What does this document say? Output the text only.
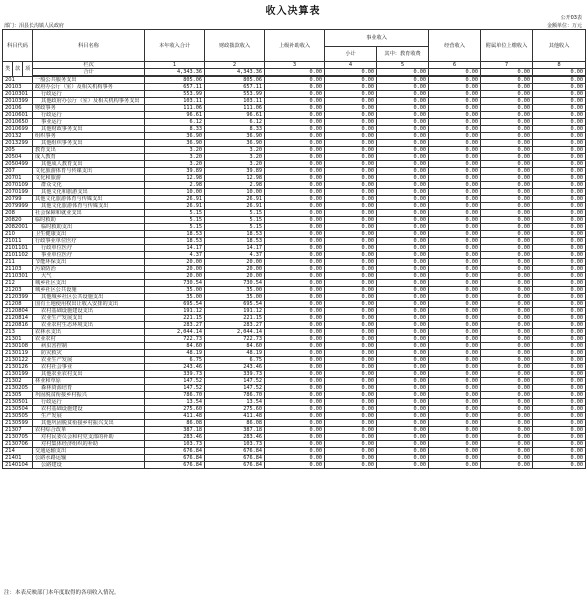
收入决算表
公开03表
部门：泪县长沟镇人民政府	金额单位：万元
科目代码			科目名称	本年收入合计	财政拨款收入	上级补助收入	事业收入		经营收入	附属单位上缴收入	其他收入
							小计	其中：教育收费			
类	款	项	栏次	1	2	3	4	5	6	7	8
			合计	4,343.36	4,343.36	0.00	0.00	0.00	0.00	0.00	0.00

201			一般公共服务支出	805.06	805.06	0.00	0.00	0.00	0.00	0.00	0.00
20103			政府办公厅（室）及相关机构事务	657.11	657.11	0.00	0.00	0.00	0.00	0.00	0.00
2010301			行政运行	553.99	553.99	0.00	0.00	0.00	0.00	0.00	0.00
2010399			其他政府办公厅（室）及相关机构事务支出	103.11	103.11	0.00	0.00	0.00	0.00	0.00	0.00
20106			财政事务	111.06	111.06	0.00	0.00	0.00	0.00	0.00	0.00
2010601			行政运行	96.61	96.61	0.00	0.00	0.00	0.00	0.00	0.00
2010650			事业运行	6.12	6.12	0.00	0.00	0.00	0.00	0.00	0.00
2010699			其他财政事务支出	8.33	8.33	0.00	0.00	0.00	0.00	0.00	0.00
20132			组织事务	36.90	36.90	0.00	0.00	0.00	0.00	0.00	0.00
2013299			其他组织事务支出	36.90	36.90	0.00	0.00	0.00	0.00	0.00	0.00
205			教育支出	3.20	3.20	0.00	0.00	0.00	0.00	0.00	0.00
20504			成人教育	3.20	3.20	0.00	0.00	0.00	0.00	0.00	0.00
2050499			其他成人教育支出	3.20	3.20	0.00	0.00	0.00	0.00	0.00	0.00
207			文化旅游体育与传媒支出	39.89	39.89	0.00	0.00	0.00	0.00	0.00	0.00
20701			文化和旅游	12.98	12.98	0.00	0.00	0.00	0.00	0.00	0.00
2070109			群众文化	2.98	2.98	0.00	0.00	0.00	0.00	0.00	0.00
2070199			其他文化和旅游支出	10.00	10.00	0.00	0.00	0.00	0.00	0.00	0.00
20799			其他文化旅游体育与传媒支出	26.91	26.91	0.00	0.00	0.00	0.00	0.00	0.00
2079999			其他文化旅游体育与传媒支出	26.91	26.91	0.00	0.00	0.00	0.00	0.00	0.00
208			社会保障和就业支出	5.15	5.15	0.00	0.00	0.00	0.00	0.00	0.00
20820			临时救助	5.15	5.15	0.00	0.00	0.00	0.00	0.00	0.00
2082001			临时救助支出	5.15	5.15	0.00	0.00	0.00	0.00	0.00	0.00
210			卫生健康支出	18.53	18.53	0.00	0.00	0.00	0.00	0.00	0.00
21011			行政事业单位医疗	18.53	18.53	0.00	0.00	0.00	0.00	0.00	0.00
2101101			行政单位医疗	14.17	14.17	0.00	0.00	0.00	0.00	0.00	0.00
2101102			事业单位医疗	4.37	4.37	0.00	0.00	0.00	0.00	0.00	0.00
211			节能环保支出	20.00	20.00	0.00	0.00	0.00	0.00	0.00	0.00
21103			污染防治	20.00	20.00	0.00	0.00	0.00	0.00	0.00	0.00
2110301			大气	20.00	20.00	0.00	0.00	0.00	0.00	0.00	0.00
212			城乡社区支出	730.54	730.54	0.00	0.00	0.00	0.00	0.00	0.00
21203			城乡社区公共设施	35.00	35.00	0.00	0.00	0.00	0.00	0.00	0.00
2120399			其他城乡社区公共设施支出	35.00	35.00	0.00	0.00	0.00	0.00	0.00	0.00
21208			国有土地使用权出让收入安排的支出	695.54	695.54	0.00	0.00	0.00	0.00	0.00	0.00
2120804			农村基础设施建设支出	191.12	191.12	0.00	0.00	0.00	0.00	0.00	0.00
2120814			农业生产发展支出	221.15	221.15	0.00	0.00	0.00	0.00	0.00	0.00
2120816			农业农村生态环境支出	283.27	283.27	0.00	0.00	0.00	0.00	0.00	0.00
213			农林水支出	2,044.14	2,044.14	0.00	0.00	0.00	0.00	0.00	0.00
21301			农业农村	722.73	722.73	0.00	0.00	0.00	0.00	0.00	0.00
2130108			病虫害控制	84.60	84.60	0.00	0.00	0.00	0.00	0.00	0.00
2130119			防灾救灾	48.19	48.19	0.00	0.00	0.00	0.00	0.00	0.00
2130122			农业生产发展	6.75	6.75	0.00	0.00	0.00	0.00	0.00	0.00
2130126			农村社会事业	243.46	243.46	0.00	0.00	0.00	0.00	0.00	0.00
2130199			其他农业农村支出	339.73	339.73	0.00	0.00	0.00	0.00	0.00	0.00
21302			林业和草原	147.52	147.52	0.00	0.00	0.00	0.00	0.00	0.00
2130205			森林资源培育	147.52	147.52	0.00	0.00	0.00	0.00	0.00	0.00
21305			巩固脱贫衔接乡村振兴	786.70	786.70	0.00	0.00	0.00	0.00	0.00	0.00
2130501			行政运行	13.54	13.54	0.00	0.00	0.00	0.00	0.00	0.00
2130504			农村基础设施建设	275.60	275.60	0.00	0.00	0.00	0.00	0.00	0.00
2130505			生产发展	411.48	411.48	0.00	0.00	0.00	0.00	0.00	0.00
2130599			其他巩固脱贫衔接乡村振兴支出	86.08	86.08	0.00	0.00	0.00	0.00	0.00	0.00
21307			农村综合改革	387.18	387.18	0.00	0.00	0.00	0.00	0.00	0.00
2130705			对村民委员会和村党支部的补助	283.46	283.46	0.00	0.00	0.00	0.00	0.00	0.00
2130706			对村集体经济组织的补助	103.73	103.73	0.00	0.00	0.00	0.00	0.00	0.00
214			交通运输支出	676.84	676.84	0.00	0.00	0.00	0.00	0.00	0.00
21401			公路水路运输	676.84	676.84	0.00	0.00	0.00	0.00	0.00	0.00
2140104			公路建设	676.84	676.84	0.00	0.00	0.00	0.00	0.00	0.00
注：本表反映部门本年度取得的各项收入情况。
